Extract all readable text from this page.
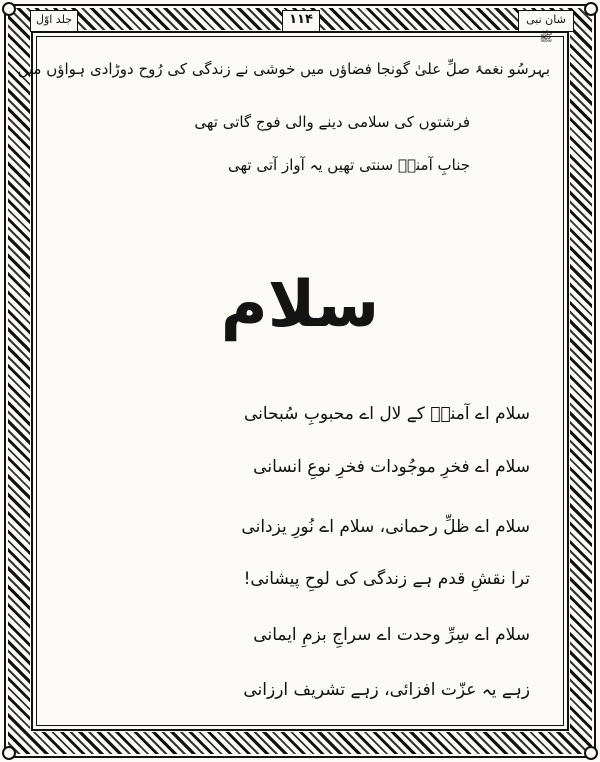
جلد اوّل	۱۱۴	شان نبی ﷺ
بہرسُو نغمۂ صلِّ علیٰ گونجا فضاؤں میں خوشی نے زندگی کی رُوح دوڑادی ہواؤں میں
فرشتوں کی سلامی دینے والی فوج گاتی تھی
جنابِ آمنہؓ سنتی تھیں یہ آواز آتی تھی
سلام
سلام اے آمنہؓ کے لال اے محبوبِ سُبحانی
سلام اے فخرِ موجُودات فخرِ نوعِ انسانی
سلام اے ظلِّ رحمانی، سلام اے نُورِ یزدانی
ترا نقشِ قدم ہے زندگی کی لوحِ پیشانی!
سلام اے سِرِّ وحدت اے سراجِ بزمِ ایمانی
زہے یہ عزّت افزائی، زہے تشریف ارزانی
